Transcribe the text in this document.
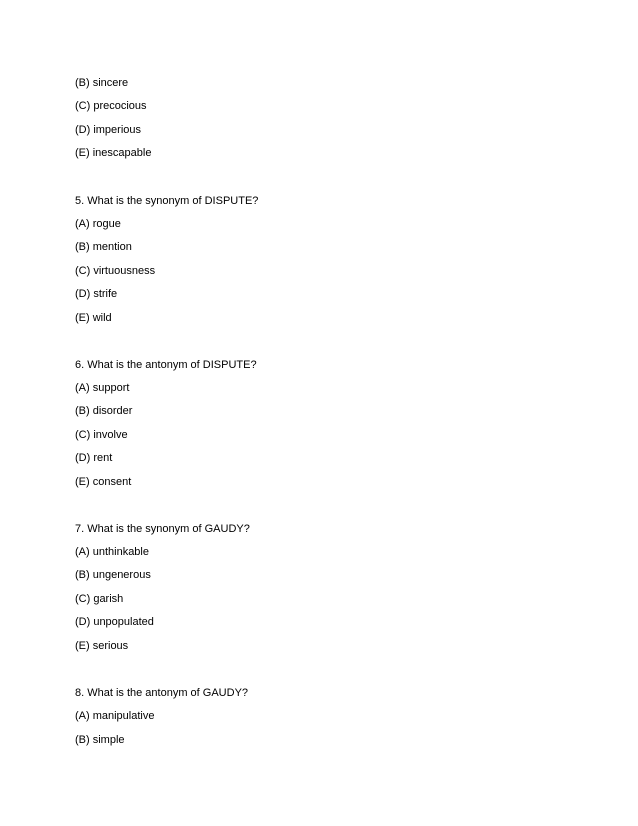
(B) sincere
(C) precocious
(D) imperious
(E) inescapable
5. What is the synonym of DISPUTE?
(A) rogue
(B) mention
(C) virtuousness
(D) strife
(E) wild
6. What is the antonym of DISPUTE?
(A) support
(B) disorder
(C) involve
(D) rent
(E) consent
7. What is the synonym of GAUDY?
(A) unthinkable
(B) ungenerous
(C) garish
(D) unpopulated
(E) serious
8. What is the antonym of GAUDY?
(A) manipulative
(B) simple
